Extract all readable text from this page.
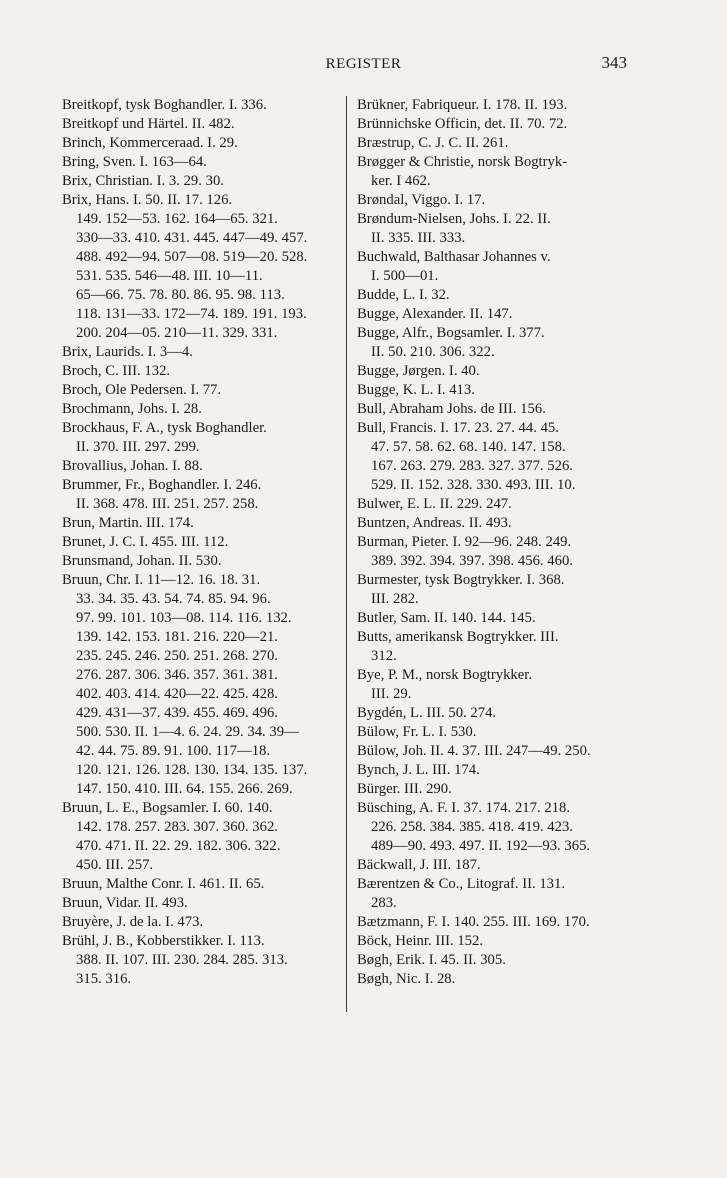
REGISTER	343

Breitkopf, tysk Boghandler. I. 336.

Breitkopf und Härtel. II. 482.

Brinch, Kommerceraad. I. 29.

Bring, Sven. I. 163—64.

Brix, Christian. I. 3. 29. 30.

Brix, Hans. I. 50. II. 17. 126.
149. 152—53. 162. 164—65. 321.
330—33. 410. 431. 445. 447—49. 457.
488. 492—94. 507—08. 519—20. 528.
531. 535. 546—48. III. 10—11.
65—66. 75. 78. 80. 86. 95. 98. 113.
118. 131—33. 172—74. 189. 191. 193.
200. 204—05. 210—11. 329. 331.

Brix, Laurids. I. 3—4.

Broch, C. III. 132.

Broch, Ole Pedersen. I. 77.

Brochmann, Johs. I. 28.

Brockhaus, F. A., tysk Boghandler.
II. 370. III. 297. 299.

Brovallius, Johan. I. 88.

Brummer, Fr., Boghandler. I. 246.
II. 368. 478. III. 251. 257. 258.

Brun, Martin. III. 174.

Brunet, J. C. I. 455. III. 112.

Brunsmand, Johan. II. 530.

Bruun, Chr. I. 11—12. 16. 18. 31.
33. 34. 35. 43. 54. 74. 85. 94. 96.
97. 99. 101. 103—08. 114. 116. 132.
139. 142. 153. 181. 216. 220—21.
235. 245. 246. 250. 251. 268. 270.
276. 287. 306. 346. 357. 361. 381.
402. 403. 414. 420—22. 425. 428.
429. 431—37. 439. 455. 469. 496.
500. 530. II. 1—4. 6. 24. 29. 34. 39—
42. 44. 75. 89. 91. 100. 117—18.
120. 121. 126. 128. 130. 134. 135. 137.
147. 150. 410. III. 64. 155. 266. 269.

Bruun, L. E., Bogsamler. I. 60. 140.
142. 178. 257. 283. 307. 360. 362.
470. 471. II. 22. 29. 182. 306. 322.
450. III. 257.

Bruun, Malthe Conr. I. 461. II. 65.

Bruun, Vidar. II. 493.

Bruyère, J. de la. I. 473.

Brühl, J. B., Kobberstikker. I. 113.
388. II. 107. III. 230. 284. 285. 313.
315. 316.

Brükner, Fabriqueur. I. 178. II. 193.

Brünnichske Officin, det. II. 70. 72.

Bræstrup, C. J. C. II. 261.

Brøgger & Christie, norsk Bogtryk-
ker. I 462.

Brøndal, Viggo. I. 17.

Brøndum-Nielsen, Johs. I. 22. II.
II. 335. III. 333.

Buchwald, Balthasar Johannes v.
I. 500—01.

Budde, L. I. 32.

Bugge, Alexander. II. 147.

Bugge, Alfr., Bogsamler. I. 377.
II. 50. 210. 306. 322.

Bugge, Jørgen. I. 40.

Bugge, K. L. I. 413.

Bull, Abraham Johs. de III. 156.

Bull, Francis. I. 17. 23. 27. 44. 45.
47. 57. 58. 62. 68. 140. 147. 158.
167. 263. 279. 283. 327. 377. 526.
529. II. 152. 328. 330. 493. III. 10.

Bulwer, E. L. II. 229. 247.

Buntzen, Andreas. II. 493.

Burman, Pieter. I. 92—96. 248. 249.
389. 392. 394. 397. 398. 456. 460.

Burmester, tysk Bogtrykker. I. 368.
III. 282.

Butler, Sam. II. 140. 144. 145.

Butts, amerikansk Bogtrykker. III.
312.

Bye, P. M., norsk Bogtrykker.
III. 29.

Bygdén, L. III. 50. 274.

Bülow, Fr. L. I. 530.

Bülow, Joh. II. 4. 37. III. 247—49. 250.

Bynch, J. L. III. 174.

Bürger. III. 290.

Büsching, A. F. I. 37. 174. 217. 218.
226. 258. 384. 385. 418. 419. 423.
489—90. 493. 497. II. 192—93. 365.

Bäckwall, J. III. 187.

Bærentzen & Co., Litograf. II. 131.
283.

Bætzmann, F. I. 140. 255. III. 169. 170.

Böck, Heinr. III. 152.

Bøgh, Erik. I. 45. II. 305.

Bøgh, Nic. I. 28.
